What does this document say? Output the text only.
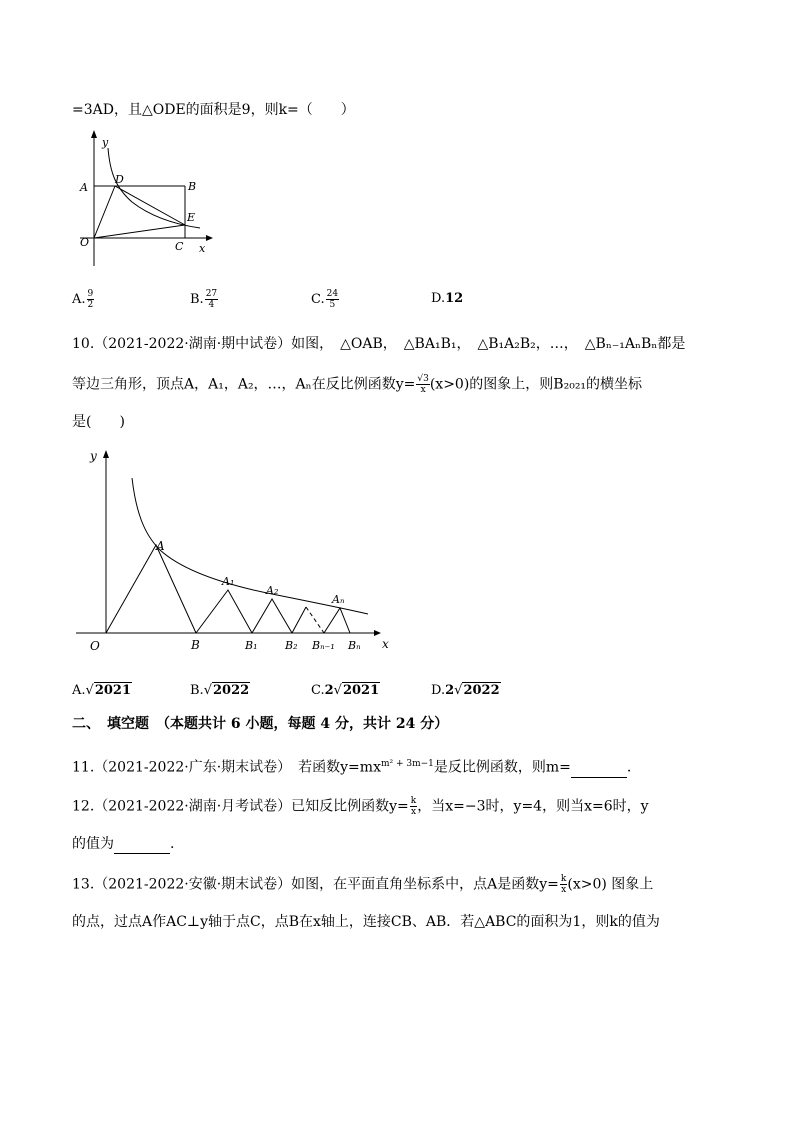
=3AD，且△ODE的面积是9，则k=（　　）
y
A
D
B
E
O	C x
A. $\frac{9}{2}$	B. $\frac{27}{4}$	C. $\frac{24}{5}$	D.12
10.（2021-2022·湖南·期中试卷）如图，　△OAB，　△BA₁B₁，　△B₁A₂B₂，…，　△Bₙ₋₁AₙBₙ都是
等边三角形，顶点A，A₁，A₂，…，Aₙ在反比例函数$y= \frac{√3}{x} (x>0)$的图象上，则B₂₀₂₁的横坐标
是(　　)
y
A
A₁
A₂
Aₙ
O	B	B₁	B₂ Bₙ₋₁ Bₙ x
A.√2021	B.√2022	C.2√2021	D.2√2022
二、　填空题　（本题共计 6 小题，每题 4 分，共计 24 分）
11.（2021-2022·广东·期末试卷）　若函数$y=mx^{m^2 + 3m-1}$是反比例函数，则m=	.
12.（2021-2022·湖南·月考试卷）已知反比例函数$y= \frac{k}{x}$ ，当x=−3时，y=4，则当x=6时，y
的值为	.
13.（2021-2022·安徽·期末试卷）如图，在平面直角坐标系中，点A是函数$y= \frac{k}{x} (x>0)$ 图象上
的点，过点A作AC⊥y轴于点C，点B在x轴上，连接CB、AB．若△ABC的面积为1，则k的值为
